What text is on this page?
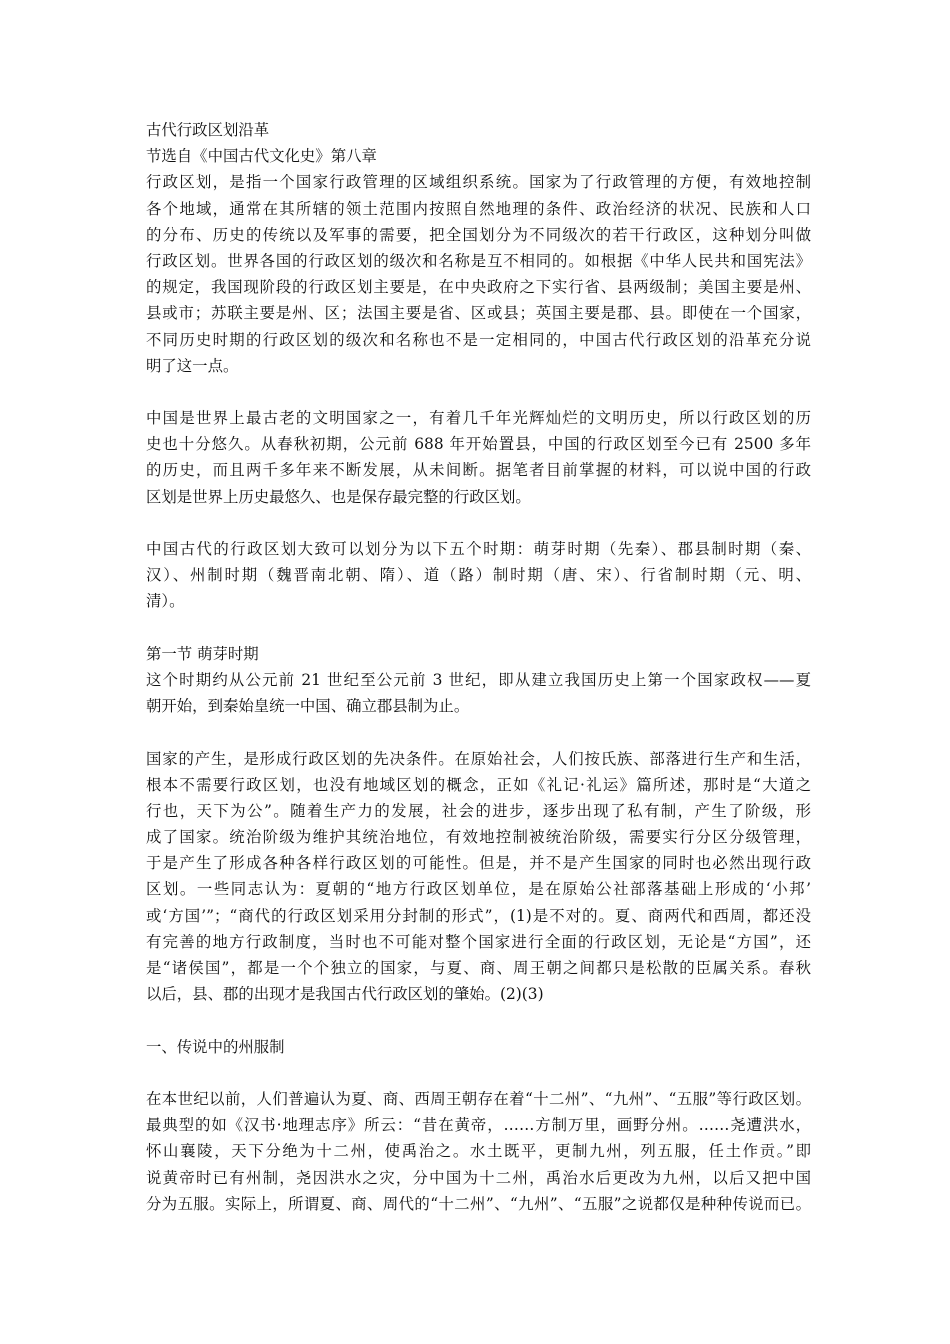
古代行政区划沿革
节选自《中国古代文化史》第八章
行政区划，是指一个国家行政管理的区域组织系统。国家为了行政管理的方便，有效地控制
各个地域，通常在其所辖的领土范围内按照自然地理的条件、政治经济的状况、民族和人口
的分布、历史的传统以及军事的需要，把全国划分为不同级次的若干行政区，这种划分叫做
行政区划。世界各国的行政区划的级次和名称是互不相同的。如根据《中华人民共和国宪法》
的规定，我国现阶段的行政区划主要是，在中央政府之下实行省、县两级制；美国主要是州、
县或市；苏联主要是州、区；法国主要是省、区或县；英国主要是郡、县。即使在一个国家，
不同历史时期的行政区划的级次和名称也不是一定相同的，中国古代行政区划的沿革充分说
明了这一点。
中国是世界上最古老的文明国家之一，有着几千年光辉灿烂的文明历史，所以行政区划的历
史也十分悠久。从春秋初期，公元前 688 年开始置县，中国的行政区划至今已有 2500 多年
的历史，而且两千多年来不断发展，从未间断。据笔者目前掌握的材料，可以说中国的行政
区划是世界上历史最悠久、也是保存最完整的行政区划。
中国古代的行政区划大致可以划分为以下五个时期：萌芽时期（先秦）、郡县制时期（秦、
汉）、州制时期（魏晋南北朝、隋）、道（路）制时期（唐、宋）、行省制时期（元、明、
清）。
第一节 萌芽时期
这个时期约从公元前 21 世纪至公元前 3 世纪，即从建立我国历史上第一个国家政权——夏
朝开始，到秦始皇统一中国、确立郡县制为止。
国家的产生，是形成行政区划的先决条件。在原始社会，人们按氏族、部落进行生产和生活，
根本不需要行政区划，也没有地域区划的概念，正如《礼记·礼运》篇所述，那时是“大道之
行也，天下为公”。随着生产力的发展，社会的进步，逐步出现了私有制，产生了阶级，形
成了国家。统治阶级为维护其统治地位，有效地控制被统治阶级，需要实行分区分级管理，
于是产生了形成各种各样行政区划的可能性。但是，并不是产生国家的同时也必然出现行政
区划。一些同志认为：夏朝的“地方行政区划单位，是在原始公社部落基础上形成的‘小邦’
或‘方国’”；“商代的行政区划采用分封制的形式”，(1)是不对的。夏、商两代和西周，都还没
有完善的地方行政制度，当时也不可能对整个国家进行全面的行政区划，无论是“方国”，还
是“诸侯国”，都是一个个独立的国家，与夏、商、周王朝之间都只是松散的臣属关系。春秋
以后，县、郡的出现才是我国古代行政区划的肇始。(2)(3)
一、传说中的州服制
在本世纪以前，人们普遍认为夏、商、西周王朝存在着“十二州”、“九州”、“五服”等行政区划。
最典型的如《汉书·地理志序》所云：“昔在黄帝，……方制万里，画野分州。……尧遭洪水，
怀山襄陵，天下分绝为十二州，使禹治之。水土既平，更制九州，列五服，任土作贡。”即
说黄帝时已有州制，尧因洪水之灾，分中国为十二州，禹治水后更改为九州，以后又把中国
分为五服。实际上，所谓夏、商、周代的“十二州”、“九州”、“五服”之说都仅是种种传说而已。
